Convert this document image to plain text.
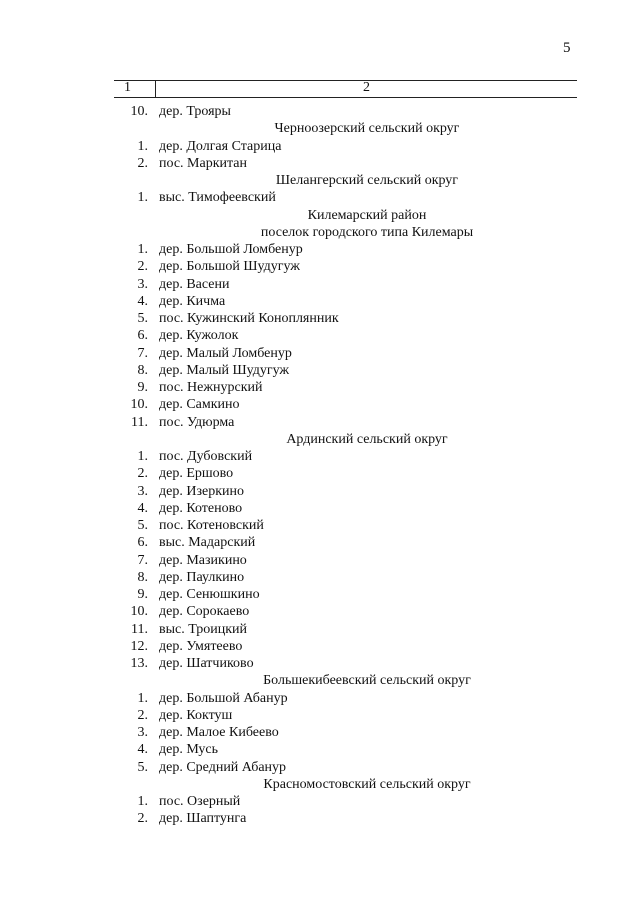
5
1	2
10. дер. Трояры
Черноозерский сельский округ
1. дер. Долгая Старица
2. пос. Маркитан
Шелангерский сельский округ
1. выс. Тимофеевский
Килемарский район
поселок городского типа Килемары
1. дер. Большой Ломбенур
2. дер. Большой Шудугуж
3. дер. Васени
4. дер. Кичма
5. пос. Кужинский Коноплянник
6. дер. Кужолок
7. дер. Малый Ломбенур
8. дер. Малый Шудугуж
9. пос. Нежнурский
10. дер. Самкино
11. пос. Удюрма
Ардинский сельский округ
1. пос. Дубовский
2. дер. Ершово
3. дер. Изеркино
4. дер. Котеново
5. пос. Котеновский
6. выс. Мадарский
7. дер. Мазикино
8. дер. Паулкино
9. дер. Сенюшкино
10. дер. Сорокаево
11. выс. Троицкий
12. дер. Умятеево
13. дер. Шатчиково
Большекибеевский сельский округ
1. дер. Большой Абанур
2. дер. Коктуш
3. дер. Малое Кибеево
4. дер. Мусь
5. дер. Средний Абанур
Красномостовский сельский округ
1. пос. Озерный
2. дер. Шаптунга
